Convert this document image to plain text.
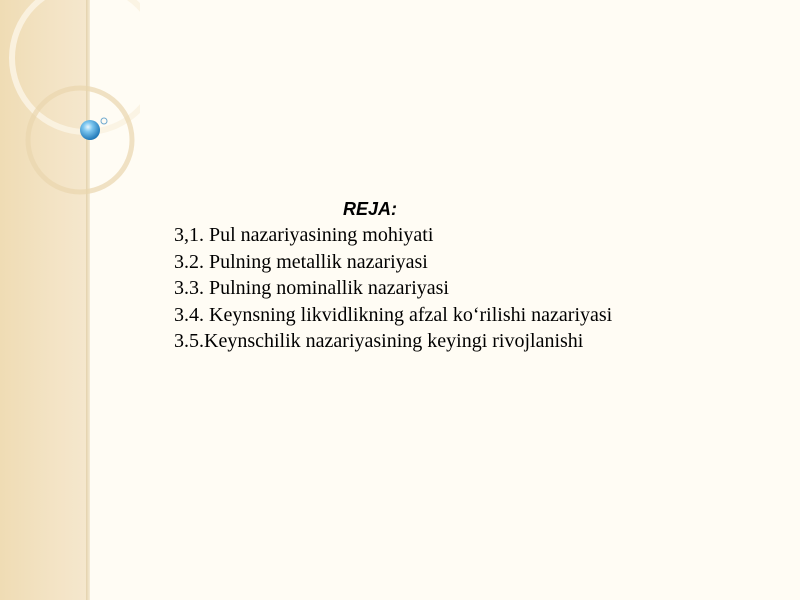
REJA:
3,1. Pul nazariyasining mohiyati
3.2. Pulning metallik nazariyasi
3.3. Pulning nominallik nazariyasi
3.4. Keynsning likvidlikning afzal ko‘rilishi nazariyasi
3.5.Keynschilik nazariyasining keyingi rivojlanishi
